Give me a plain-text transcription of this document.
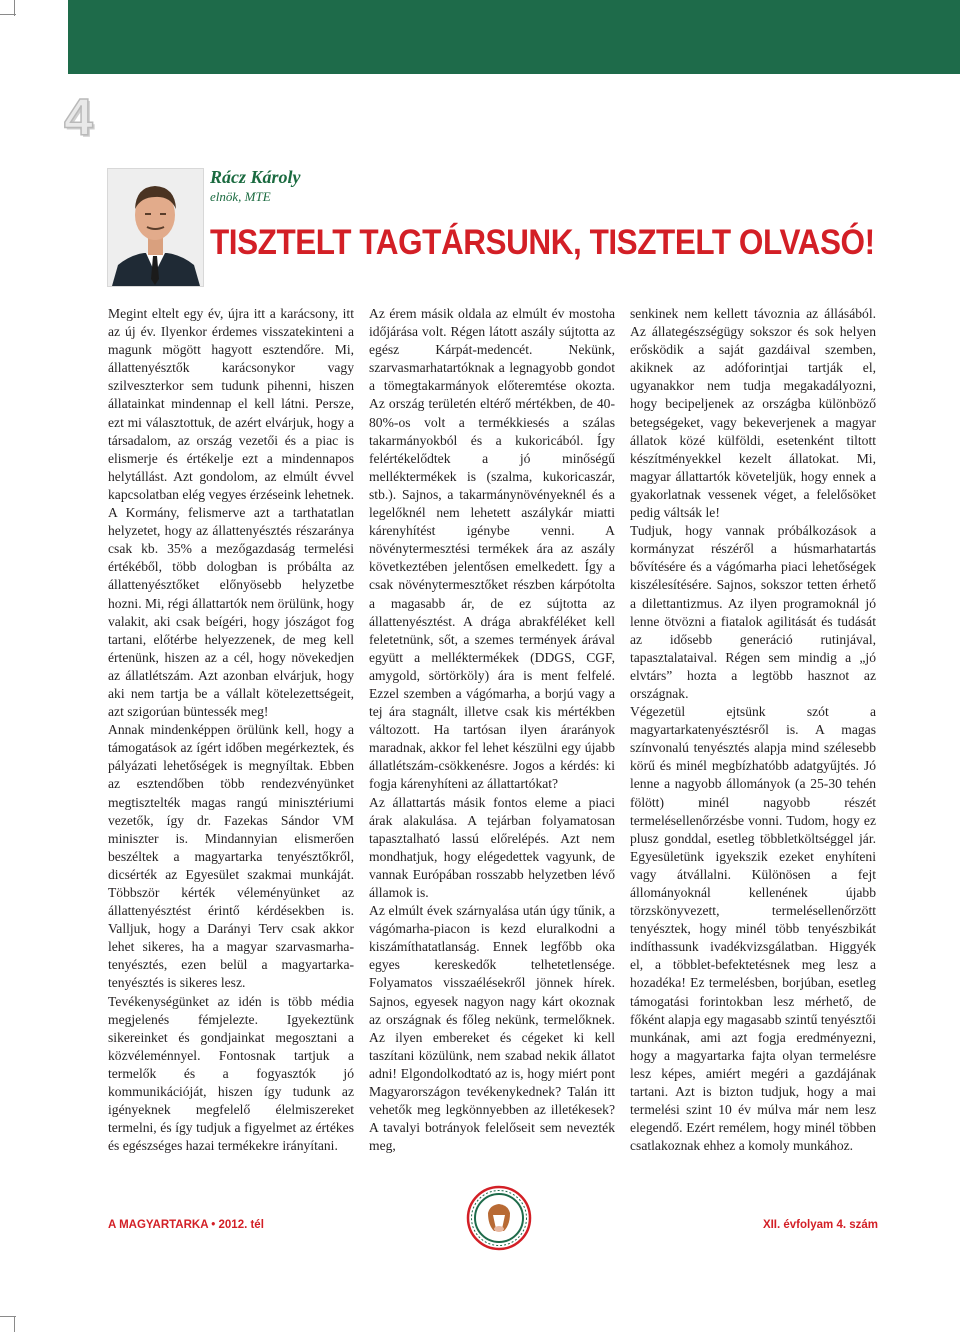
4
Rácz Károly
elnök, MTE
TISZTELT TAGTÁRSUNK, TISZTELT OLVASÓ!

Megint eltelt egy év, újra itt a karácsony, itt az új év. Ilyenkor érdemes visszatekinteni a magunk mögött hagyott esztendőre. Mi, állattenyésztők karácsonykor vagy szilveszterkor sem tudunk pihenni, hiszen állatainkat mindennap el kell látni. Persze, ezt mi választottuk, de azért elvárjuk, hogy a társadalom, az ország vezetői és a piac is elismerje és értékelje ezt a mindennapos helytállást. Azt gondolom, az elmúlt évvel kapcsolatban elég vegyes érzéseink lehetnek. A Kormány, felismerve azt a tarthatatlan helyzetet, hogy az állattenyésztés részaránya csak kb. 35% a mezőgazdaság termelési értékéből, több dologban is próbálta az állattenyésztőket előnyösebb helyzetbe hozni. Mi, régi állattartók nem örülünk, hogy valakit, aki csak beígéri, hogy jószágot fog tartani, előtérbe helyezzenek, de meg kell értenünk, hiszen az a cél, hogy növekedjen az állatlétszám. Azt azonban elvárjuk, hogy aki nem tartja be a vállalt kötelezettségeit, azt szigorúan büntessék meg!

Annak mindenképpen örülünk kell, hogy a támogatások az ígért időben megérkeztek, és pályázati lehetőségek is megnyíltak. Ebben az esztendőben több rendezvényünket megtisztelték magas rangú minisztériumi vezetők, így dr. Fazekas Sándor VM miniszter is. Mindannyian elismerően beszéltek a magyartarka tenyésztőkről, dicsérték az Egyesület szakmai munkáját. Többször kérték véleményünket az állattenyésztést érintő kérdésekben is. Valljuk, hogy a Darányi Terv csak akkor lehet sikeres, ha a magyar szarvasmarha-tenyésztés, ezen belül a magyartarka-tenyésztés is sikeres lesz.

Tevékenységünket az idén is több média megjelenés fémjelezte. Igyekeztünk sikereinket és gondjainkat megosztani a közvéleménnyel. Fontosnak tartjuk a termelők és a fogyasztók jó kommunikációját, hiszen így tudunk az igényeknek megfelelő élelmiszereket termelni, és így tudjuk a figyelmet az értékes és egészséges hazai termékekre irányítani.

Az érem másik oldala az elmúlt év mostoha időjárása volt. Régen látott aszály sújtotta az egész Kárpát-medencét. Nekünk, szarvasmarhatartóknak a legnagyobb gondot a tömegtakarmányok előteremtése okozta. Az ország területén eltérő mértékben, de 40-80%-os volt a termékkiesés a szálas takarmányokból és a kukoricából. Így felértékelődtek a jó minőségű melléktermékek is (szalma, kukoricaszár, stb.). Sajnos, a takarmánynövényeknél és a legelőknél nem lehetett aszálykár miatti kárenyhítést igénybe venni. A növénytermesztési termékek ára az aszály következtében jelentősen emelkedett. Így a csak növénytermesztőket részben kárpótolta a magasabb ár, de ez sújtotta az állattenyésztést. A drága abrakféléket kell feletetnünk, sőt, a szemes termények árával együtt a melléktermékek (DDGS, CGF, amygold, sörtörköly) ára is ment felfelé. Ezzel szemben a vágómarha, a borjú vagy a tej ára stagnált, illetve csak kis mértékben változott. Ha tartósan ilyen árarányok maradnak, akkor fel lehet készülni egy újabb állatlétszám-csökkenésre. Jogos a kérdés: ki fogja kárenyhíteni az állattartókat?

Az állattartás másik fontos eleme a piaci árak alakulása. A tejárban folyamatosan tapasztalható lassú előrelépés. Azt nem mondhatjuk, hogy elégedettek vagyunk, de vannak Európában rosszabb helyzetben lévő államok is.

Az elmúlt évek szárnyalása után úgy tűnik, a vágómarha-piacon is kezd eluralkodni a kiszámíthatatlanság. Ennek legfőbb oka egyes kereskedők telhetetlensége. Folyamatos visszaélésekről jönnek hírek. Sajnos, egyesek nagyon nagy kárt okoznak az országnak és főleg nekünk, termelőknek. Az ilyen embereket és cégeket ki kell taszítani közülünk, nem szabad nekik állatot adni! Elgondolkodtató az is, hogy miért pont Magyarországon tevékenykednek? Talán itt vehetők meg legkönnyebben az illetékesek? A tavalyi botrányok felelőseit sem nevezték meg,

senkinek nem kellett távoznia az állásából. Az állategészségügy sokszor és sok helyen erősködik a saját gazdáival szemben, akiknek az adóforintjai tartják el, ugyanakkor nem tudja megakadályozni, hogy becipeljenek az országba különböző betegségeket, vagy bekeverjenek a magyar állatok közé külföldi, esetenként tiltott készítményekkel kezelt állatokat. Mi, magyar állattartók követeljük, hogy ennek a gyakorlatnak vessenek véget, a felelősöket pedig váltsák le!

Tudjuk, hogy vannak próbálkozások a kormányzat részéről a húsmarhatartás bővítésére és a vágómarha piaci lehetőségek kiszélesítésére. Sajnos, sokszor tetten érhető a dilettantizmus. Az ilyen programoknál jó lenne ötvözni a fiatalok agilitását és tudását az idősebb generáció rutinjával, tapasztalataival. Régen sem mindig a „jó elvtárs” hozta a legtöbb hasznot az országnak.

Végezetül ejtsünk szót a magyartarkatenyésztésről is. A magas színvonalú tenyésztés alapja mind szélesebb körű és minél megbízhatóbb adatgyűjtés. Jó lenne a nagyobb állományok (a 25-30 tehén fölött) minél nagyobb részét termelésellenőrzésbe vonni. Tudom, hogy ez plusz gonddal, esetleg többletköltséggel jár. Egyesületünk igyekszik ezeket enyhíteni vagy átvállalni. Különösen a fejt állományoknál kellenének újabb törzskönyvezett, termelésellenőrzött tenyésztek, hogy minél több tenyészbikát indíthassunk ivadékvizsgálatban. Higgyék el, a többlet-befektetésnek meg lesz a hozadéka! Ez termelésben, borjúban, esetleg támogatási forintokban lesz mérhető, de főként alapja egy magasabb szintű tenyésztői munkának, ami azt fogja eredményezni, hogy a magyartarka fajta olyan termelésre lesz képes, amiért megéri a gazdájának tartani. Azt is bizton tudjuk, hogy a mai termelési szint 10 év múlva már nem lesz elegendő. Ezért remélem, hogy minél többen csatlakoznak ehhez a komoly munkához.

A MAGYARTARKA • 2012. tél	XII. évfolyam 4. szám
